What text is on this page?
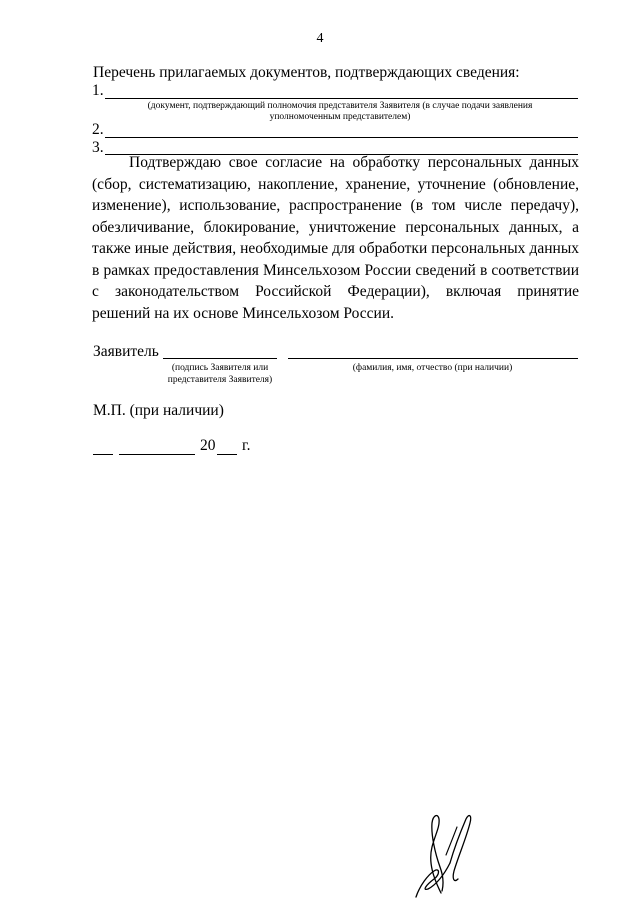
4
Перечень прилагаемых документов, подтверждающих сведения:
1.
(документ, подтверждающий полномочия представителя Заявителя (в случае подачи заявления
уполномоченным представителем)
2.
3.
Подтверждаю свое согласие на обработку персональных данных (сбор, систематизацию, накопление, хранение, уточнение (обновление, изменение), использование, распространение (в том числе передачу), обезличивание, блокирование, уничтожение персональных данных, а также иные действия, необходимые для обработки персональных данных в рамках предоставления Минсельхозом России сведений в соответствии с законодательством Российской Федерации), включая принятие решений на их основе Минсельхозом России.
Заявитель
(подпись Заявителя или
представителя Заявителя)
(фамилия, имя, отчество (при наличии)
М.П. (при наличии)
20 г.
